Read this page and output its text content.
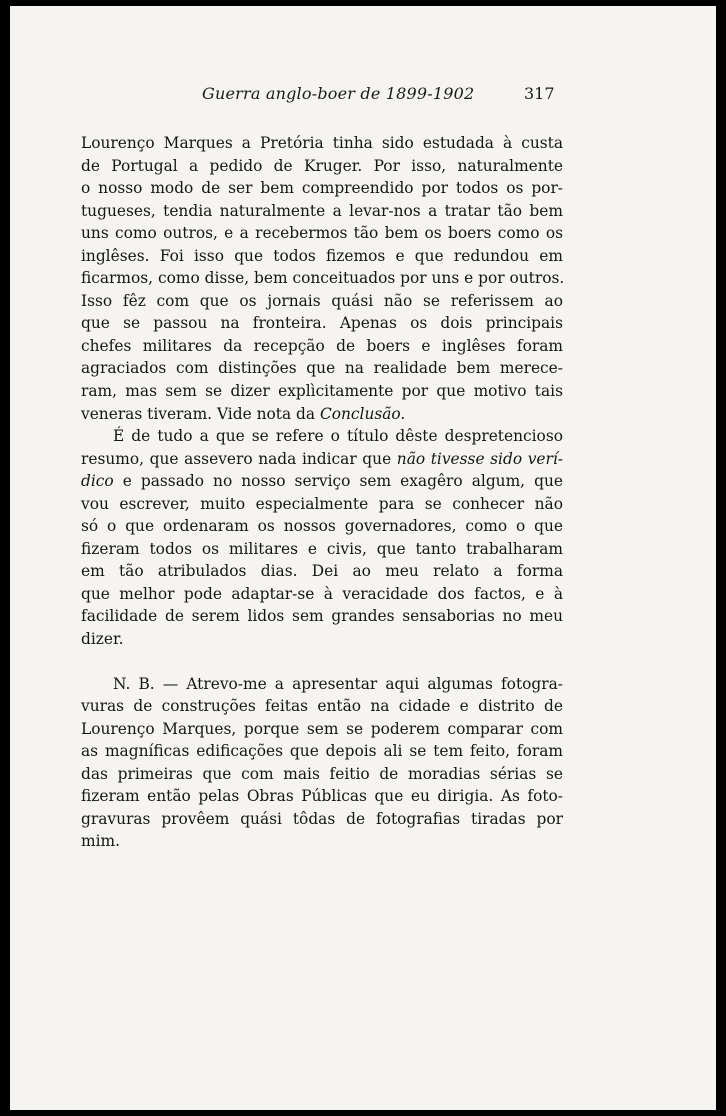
Guerra anglo-boer de 1899-1902	317

Lourenço Marques a Pretória tinha sido estudada à custa
de Portugal a pedido de Kruger. Por isso, naturalmente
o nosso modo de ser bem compreendido por todos os por-
tugueses, tendia naturalmente a levar-nos a tratar tão bem
uns como outros, e a recebermos tão bem os boers como os
inglêses. Foi isso que todos fizemos e que redundou em
ficarmos, como disse, bem conceituados por uns e por outros.
Isso fêz com que os jornais quási não se referissem ao
que se passou na fronteira. Apenas os dois principais
chefes militares da recepção de boers e inglêses foram
agraciados com distinções que na realidade bem merece-
ram, mas sem se dizer explìcitamente por que motivo tais
veneras tiveram. Vide nota da Conclusão.

É de tudo a que se refere o título dêste despretencioso
resumo, que assevero nada indicar que não tivesse sido verí-
dico e passado no nosso serviço sem exagêro algum, que
vou escrever, muito especialmente para se conhecer não
só o que ordenaram os nossos governadores, como o que
fizeram todos os militares e civis, que tanto trabalharam
em tão atribulados dias. Dei ao meu relato a forma
que melhor pode adaptar-se à veracidade dos factos, e à
facilidade de serem lidos sem grandes sensaborias no meu
dizer.

N. B. — Atrevo-me a apresentar aqui algumas fotogra-
vuras de construções feitas então na cidade e distrito de
Lourenço Marques, porque sem se poderem comparar com
as magníficas edificações que depois ali se tem feito, foram
das primeiras que com mais feitio de moradias sérias se
fizeram então pelas Obras Públicas que eu dirigia. As foto-
gravuras provêem quási tôdas de fotografias tiradas por
mim.
